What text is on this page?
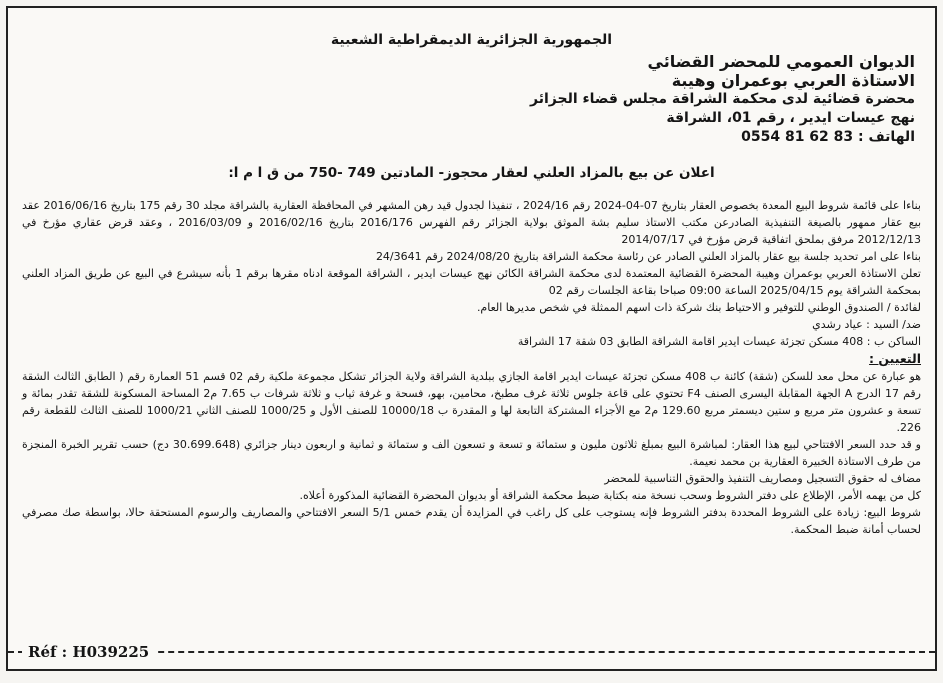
الجمهورية الجزائرية الديمقراطية الشعبية
الديوان العمومي للمحضر القضائي
الاستاذة العربي بوعمران وهيبة
محضرة قضائية لدى محكمة الشراقة مجلس قضاء الجزائر
نهج عيسات ايدير ، رقم 01، الشراقة
الهاتف : 0554 81 62 83
اعلان عن بيع بالمزاد العلني لعقار محجوز- المادتين 749 -750 من ق ا م ا:

بناءا على قائمة شروط البيع المعدة بخصوص العقار بتاريخ 07-04-2024 رقم 2024/16 ، تنفيذا لجدول قيد رهن المشهر في المحافظة العقارية بالشراقة مجلد 30 رقم 175 بتاريخ 2016/06/16 عقد بيع عقار ممهور بالصيغة التنفيذية الصادرعن مكتب الاستاذ سليم بشة الموثق بولاية الجزائر رقم الفهرس 2016/176 بتاريخ 2016/02/16 و 2016/03/09 ، وعقد قرض عقاري مؤرخ في 2012/12/13 مرفق بملحق اتفاقية قرض مؤرخ في 2014/07/17

بناءا على امر تحديد جلسة بيع عقار بالمزاد العلني الصادر عن رئاسة محكمة الشراقة بتاريخ 2024/08/20 رقم 24/3641

تعلن الاستاذة العربي بوعمران وهيبة المحضرة القضائية المعتمدة لدى محكمة الشراقة الكائن نهج عيسات ايدير ، الشراقة الموقعة ادناه مقرها برقم 1 بأنه سيشرع في البيع عن طريق المزاد العلني بمحكمة الشراقة يوم 2025/04/15 الساعة 09:00 صباحا بقاعة الجلسات رقم 02

لفائدة / الصندوق الوطني للتوفير و الاحتياط بنك شركة ذات اسهم الممثلة في شخص مديرها العام.

ضد/ السيد : عياد رشدي

الساكن ب : 408 مسكن تجزئة عيسات ايدير اقامة الشراقة الطابق 03 شقة 17 الشراقة

التعيين :

هو عبارة عن محل معد للسكن (شقة) كائنة ب 408 مسكن تجزئة عيسات ايدير اقامة الجازي ببلدية الشراقة ولاية الجزائر تشكل مجموعة ملكية رقم 02 قسم 51 العمارة رقم ( الطابق الثالث الشقة رقم 17 الدرج A الجهة المقابلة اليسرى الصنف F4 تحتوي على قاعة جلوس ثلاثة غرف مطبخ، محامين، بهو، فسحة و غرفة ثياب و ثلاثة شرفات ب 7.65 م2 المساحة المسكونة للشقة تقدر بمائة و تسعة و عشرون متر مربع و ستين ديسمتر مربع 129.60 م2 مع الأجزاء المشتركة التابعة لها و المقدرة ب 10000/18 للصنف الأول و 1000/25 للصنف الثاني 1000/21 للصنف الثالث للقطعة رقم 226.

و قد حدد السعر الافتتاحي لبيع هذا العقار: لمباشرة البيع بمبلغ ثلاثون مليون و ستمائة و تسعة و تسعون الف و ستمائة و ثمانية و اربعون دينار جزائري (30.699.648 دج) حسب تقرير الخبرة المنجزة من طرف الاستاذة الخبيرة العقارية بن محمد نعيمة.

مضاف له حقوق التسجيل ومصاريف التنفيذ والحقوق التناسبية للمحضر

كل من يهمه الأمر، الإطلاع على دفتر الشروط وسحب نسخة منه بكتابة ضبط محكمة الشراقة أو بديوان المحضرة القضائية المذكورة أعلاه.

شروط البيع: زيادة على الشروط المحددة بدفتر الشروط فإنه يستوجب على كل راغب في المزايدة أن يقدم خمس 5/1 السعر الافتتاحي والمصاريف والرسوم المستحقة حالا، بواسطة صك مصرفي لحساب أمانة ضبط المحكمة.

Réf : H039225
